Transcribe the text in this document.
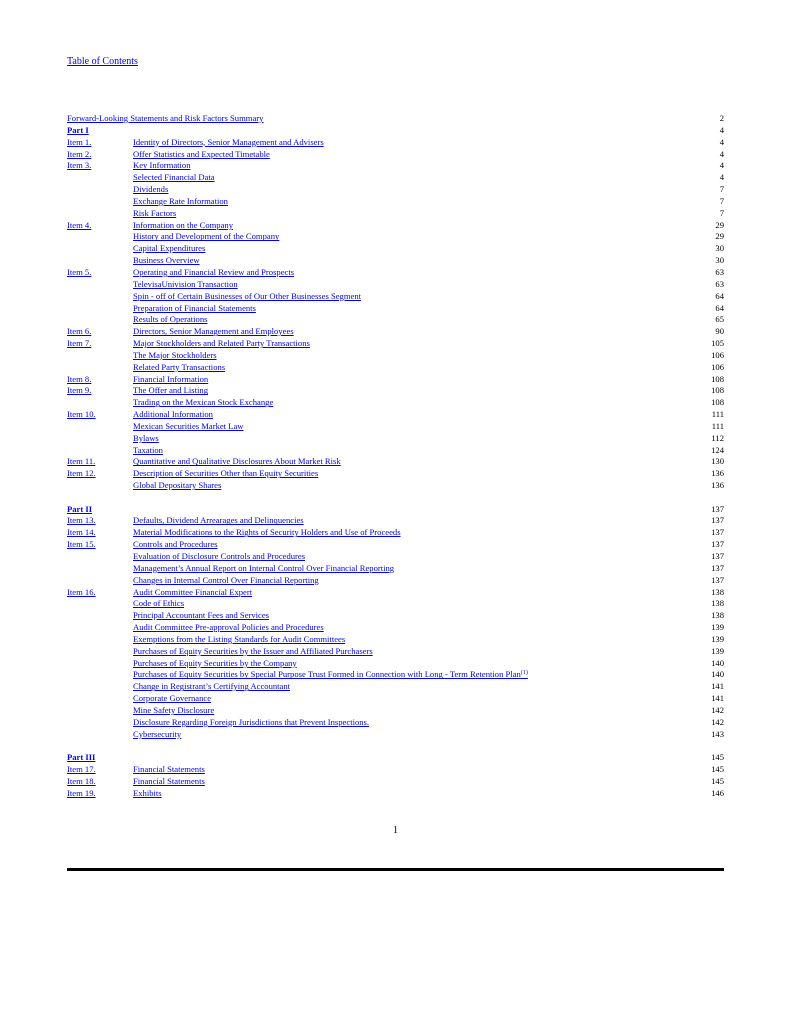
Table of Contents
Forward-Looking Statements and Risk Factors Summary	2
Part I	4
Item 1.	Identity of Directors, Senior Management and Advisers	4
Item 2.	Offer Statistics and Expected Timetable	4
Item 3.	Key Information	4
Selected Financial Data	4
Dividends	7
Exchange Rate Information	7
Risk Factors	7
Item 4.	Information on the Company	29
History and Development of the Company	29
Capital Expenditures	30
Business Overview	30
Item 5.	Operating and Financial Review and Prospects	63
TelevisaUnivision Transaction	63
Spin - off of Certain Businesses of Our Other Businesses Segment	64
Preparation of Financial Statements	64
Results of Operations	65
Item 6.	Directors, Senior Management and Employees	90
Item 7.	Major Stockholders and Related Party Transactions	105
The Major Stockholders	106
Related Party Transactions	106
Item 8.	Financial Information	108
Item 9.	The Offer and Listing	108
Trading on the Mexican Stock Exchange	108
Item 10.	Additional Information	111
Mexican Securities Market Law	111
Bylaws	112
Taxation	124
Item 11.	Quantitative and Qualitative Disclosures About Market Risk	130
Item 12.	Description of Securities Other than Equity Securities	136
Global Depositary Shares	136
Part II	137
Item 13.	Defaults, Dividend Arrearages and Delinquencies	137
Item 14.	Material Modifications to the Rights of Security Holders and Use of Proceeds	137
Item 15.	Controls and Procedures	137
Evaluation of Disclosure Controls and Procedures	137
Management’s Annual Report on Internal Control Over Financial Reporting	137
Changes in Internal Control Over Financial Reporting	137
Item 16.	Audit Committee Financial Expert	138
Code of Ethics	138
Principal Accountant Fees and Services	138
Audit Committee Pre-approval Policies and Procedures	139
Exemptions from the Listing Standards for Audit Committees	139
Purchases of Equity Securities by the Issuer and Affiliated Purchasers	139
Purchases of Equity Securities by the Company	140
Purchases of Equity Securities by Special Purpose Trust Formed in Connection with Long - Term Retention Plan$^{(1)}$	140
Change in Registrant’s Certifying Accountant	141
Corporate Governance	141
Mine Safety Disclosure	142
Disclosure Regarding Foreign Jurisdictions that Prevent Inspections.	142
Cybersecurity	143
Part III	145
Item 17.	Financial Statements	145
Item 18.	Financial Statements	145
Item 19.	Exhibits	146
1
